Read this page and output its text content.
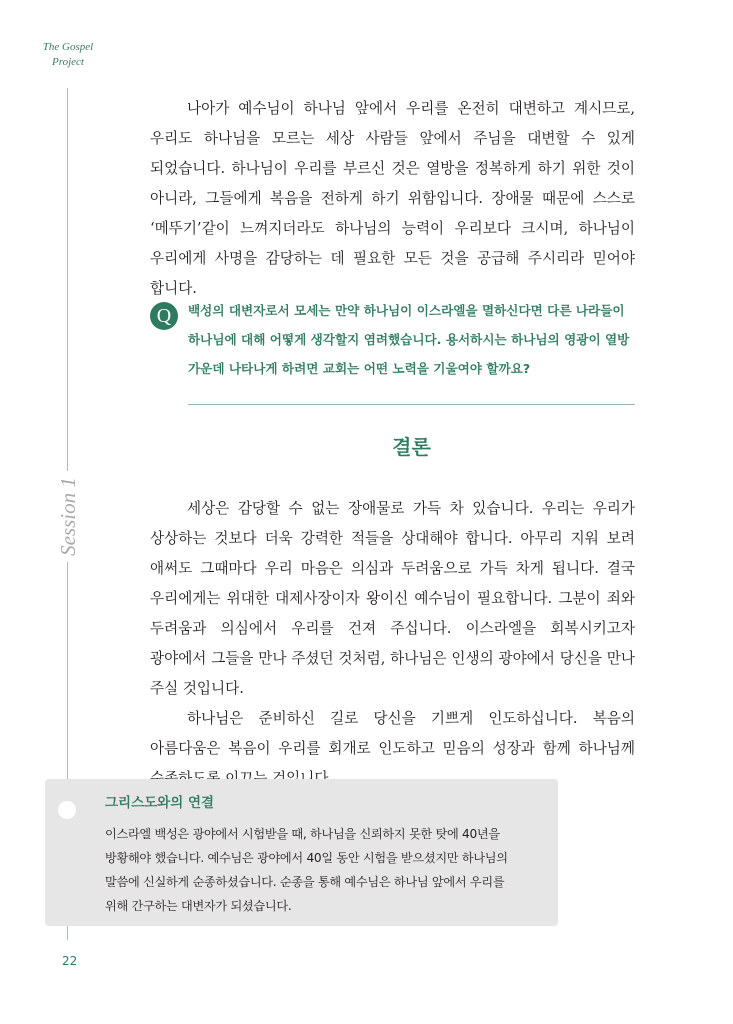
The Gospel
Project
Session 1

나아가 예수님이 하나님 앞에서 우리를 온전히 대변하고 계시므로, 우리도 하나님을 모르는 세상 사람들 앞에서 주님을 대변할 수 있게 되었습니다. 하나님이 우리를 부르신 것은 열방을 정복하게 하기 위한 것이 아니라, 그들에게 복음을 전하게 하기 위함입니다. 장애물 때문에 스스로 ‘메뚜기’같이 느껴지더라도 하나님의 능력이 우리보다 크시며, 하나님이 우리에게 사명을 감당하는 데 필요한 모든 것을 공급해 주시리라 믿어야 합니다.

Q	백성의 대변자로서 모세는 만약 하나님이 이스라엘을 멸하신다면 다른 나라들이 하나님에 대해 어떻게 생각할지 염려했습니다. 용서하시는 하나님의 영광이 열방 가운데 나타나게 하려면 교회는 어떤 노력을 기울여야 할까요?

결론

세상은 감당할 수 없는 장애물로 가득 차 있습니다. 우리는 우리가 상상하는 것보다 더욱 강력한 적들을 상대해야 합니다. 아무리 지워 보려 애써도 그때마다 우리 마음은 의심과 두려움으로 가득 차게 됩니다. 결국 우리에게는 위대한 대제사장이자 왕이신 예수님이 필요합니다. 그분이 죄와 두려움과 의심에서 우리를 건져 주십니다. 이스라엘을 회복시키고자 광야에서 그들을 만나 주셨던 것처럼, 하나님은 인생의 광야에서 당신을 만나 주실 것입니다.

하나님은 준비하신 길로 당신을 기쁘게 인도하십니다. 복음의 아름다움은 복음이 우리를 회개로 인도하고 믿음의 성장과 함께 하나님께

그리스도와의 연결

이스라엘 백성은 광야에서 시험받을 때, 하나님을 신뢰하지 못한 탓에 40년을 방황해야 했습니다. 예수님은 광야에서 40일 동안 시험을 받으셨지만 하나님의 말씀에 신실하게 순종하셨습니다. 순종을 통해 예수님은 하나님 앞에서 우리를 위해 간구하는 대변자가 되셨습니다.

22
